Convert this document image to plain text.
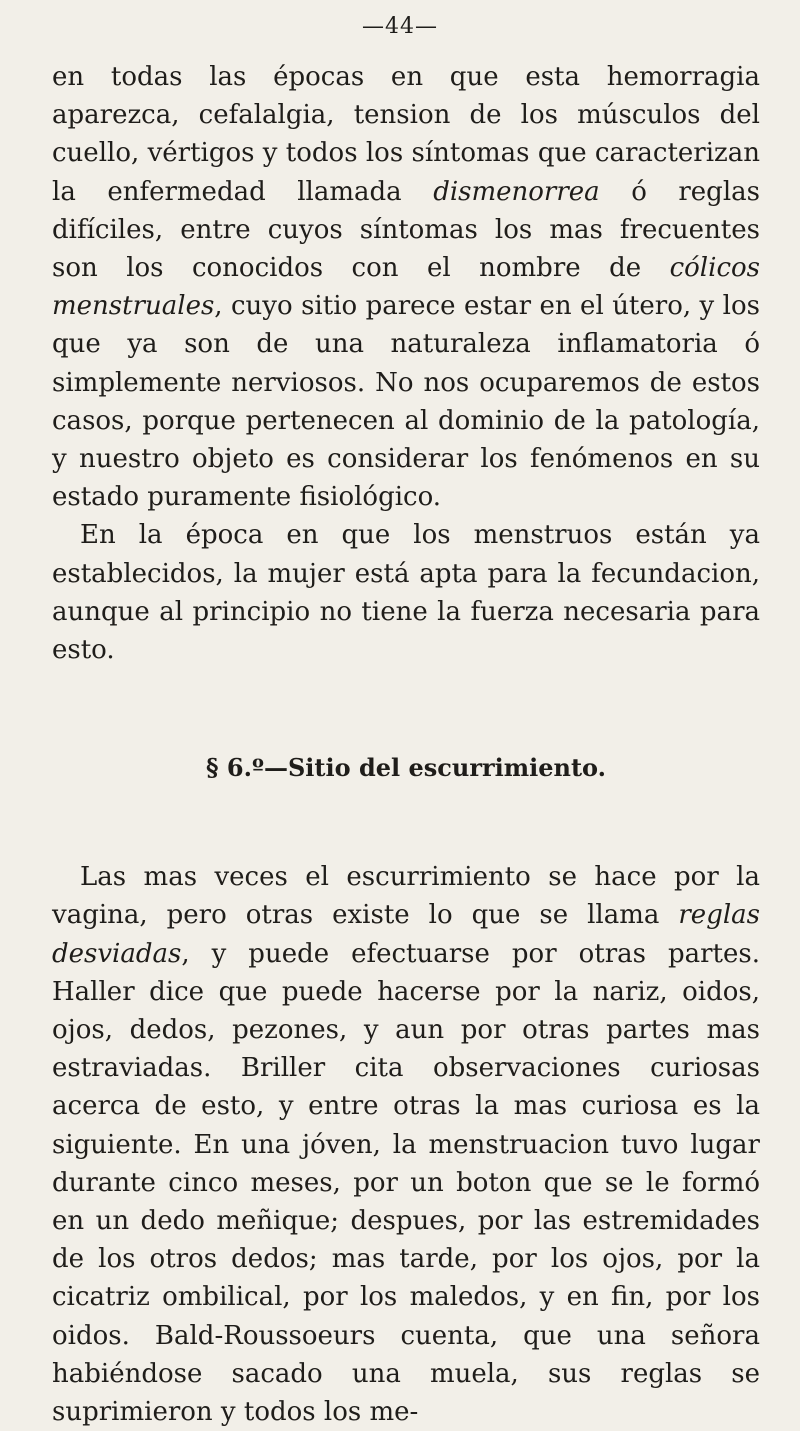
—44—

en todas las épocas en que esta hemorragia aparezca, cefalalgia, tension de los músculos del cuello, vértigos y todos los síntomas que caracterizan la enfermedad llamada dismenorrea ó reglas difíciles, entre cuyos síntomas los mas frecuentes son los conocidos con el nombre de cólicos menstruales, cuyo sitio parece estar en el útero, y los que ya son de una naturaleza inflamatoria ó simplemente nerviosos. No nos ocuparemos de estos casos, porque pertenecen al dominio de la patología, y nuestro objeto es considerar los fenómenos en su estado puramente fisiológico.

En la época en que los menstruos están ya establecidos, la mujer está apta para la fecundacion, aunque al principio no tiene la fuerza necesaria para esto.

§ 6.º—Sitio del escurrimiento.

Las mas veces el escurrimiento se hace por la vagina, pero otras existe lo que se llama reglas desviadas, y puede efectuarse por otras partes. Haller dice que puede hacerse por la nariz, oidos, ojos, dedos, pezones, y aun por otras partes mas estraviadas. Briller cita observaciones curiosas acerca de esto, y entre otras la mas curiosa es la siguiente. En una jóven, la menstruacion tuvo lugar durante cinco meses, por un boton que se le formó en un dedo meñique; despues, por las estremidades de los otros dedos; mas tarde, por los ojos, por la cicatriz ombilical, por los maledos, y en fin, por los oidos. Bald-Roussoeurs cuenta, que una señora habiéndose sacado una muela, sus reglas se suprimieron y todos los me-
